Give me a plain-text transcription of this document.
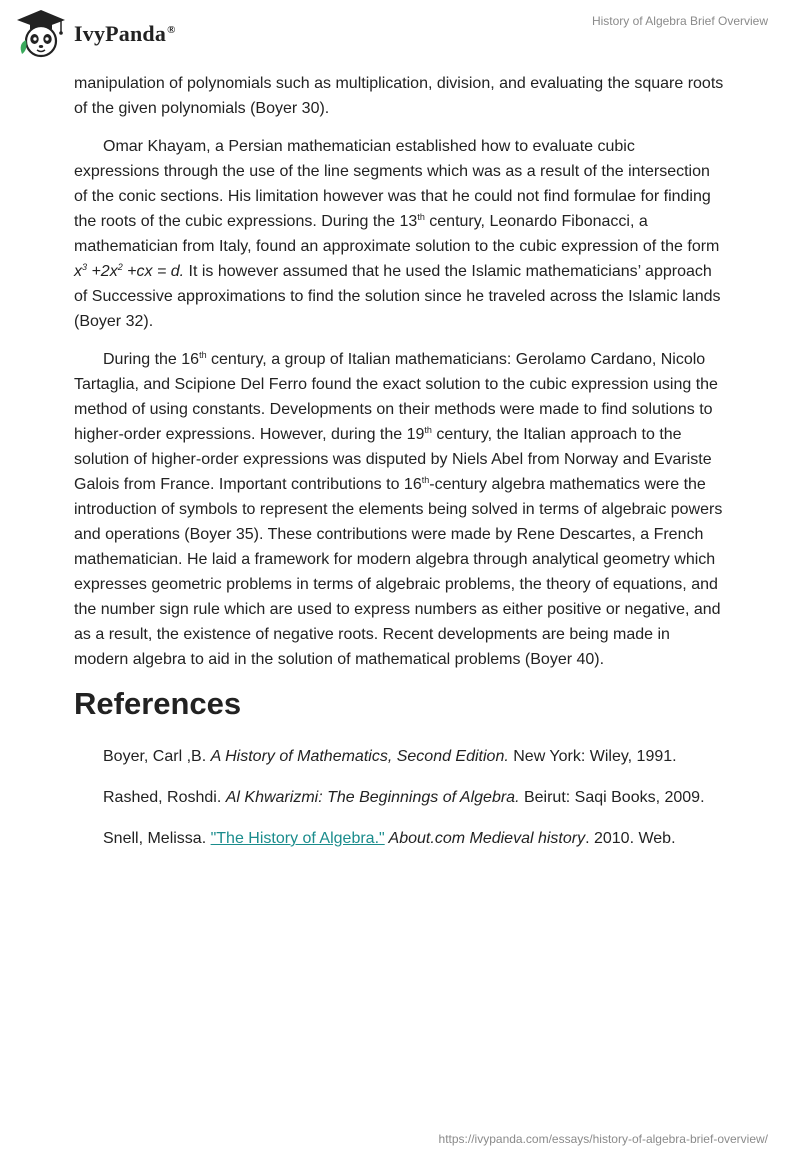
IvyPanda®
History of Algebra Brief Overview

manipulation of polynomials such as multiplication, division, and evaluating the square roots of the given polynomials (Boyer 30).

Omar Khayam, a Persian mathematician established how to evaluate cubic expressions through the use of the line segments which was as a result of the intersection of the conic sections. His limitation however was that he could not find formulae for finding the roots of the cubic expressions. During the 13th century, Leonardo Fibonacci, a mathematician from Italy, found an approximate solution to the cubic expression of the form $x^3 +2x^2 +cx = d$. It is however assumed that he used the Islamic mathematicians’ approach of Successive approximations to find the solution since he traveled across the Islamic lands (Boyer 32).

During the 16th century, a group of Italian mathematicians: Gerolamo Cardano, Nicolo Tartaglia, and Scipione Del Ferro found the exact solution to the cubic expression using the method of using constants. Developments on their methods were made to find solutions to higher-order expressions. However, during the 19th century, the Italian approach to the solution of higher-order expressions was disputed by Niels Abel from Norway and Evariste Galois from France. Important contributions to 16th-century algebra mathematics were the introduction of symbols to represent the elements being solved in terms of algebraic powers and operations (Boyer 35). These contributions were made by Rene Descartes, a French mathematician. He laid a framework for modern algebra through analytical geometry which expresses geometric problems in terms of algebraic problems, the theory of equations, and the number sign rule which are used to express numbers as either positive or negative, and as a result, the existence of negative roots. Recent developments are being made in modern algebra to aid in the solution of mathematical problems (Boyer 40).

References

Boyer, Carl ,B. A History of Mathematics, Second Edition. New York: Wiley, 1991.

Rashed, Roshdi. Al Khwarizmi: The Beginnings of Algebra. Beirut: Saqi Books, 2009.

Snell, Melissa. "The History of Algebra." About.com Medieval history. 2010. Web.

https://ivypanda.com/essays/history-of-algebra-brief-overview/
